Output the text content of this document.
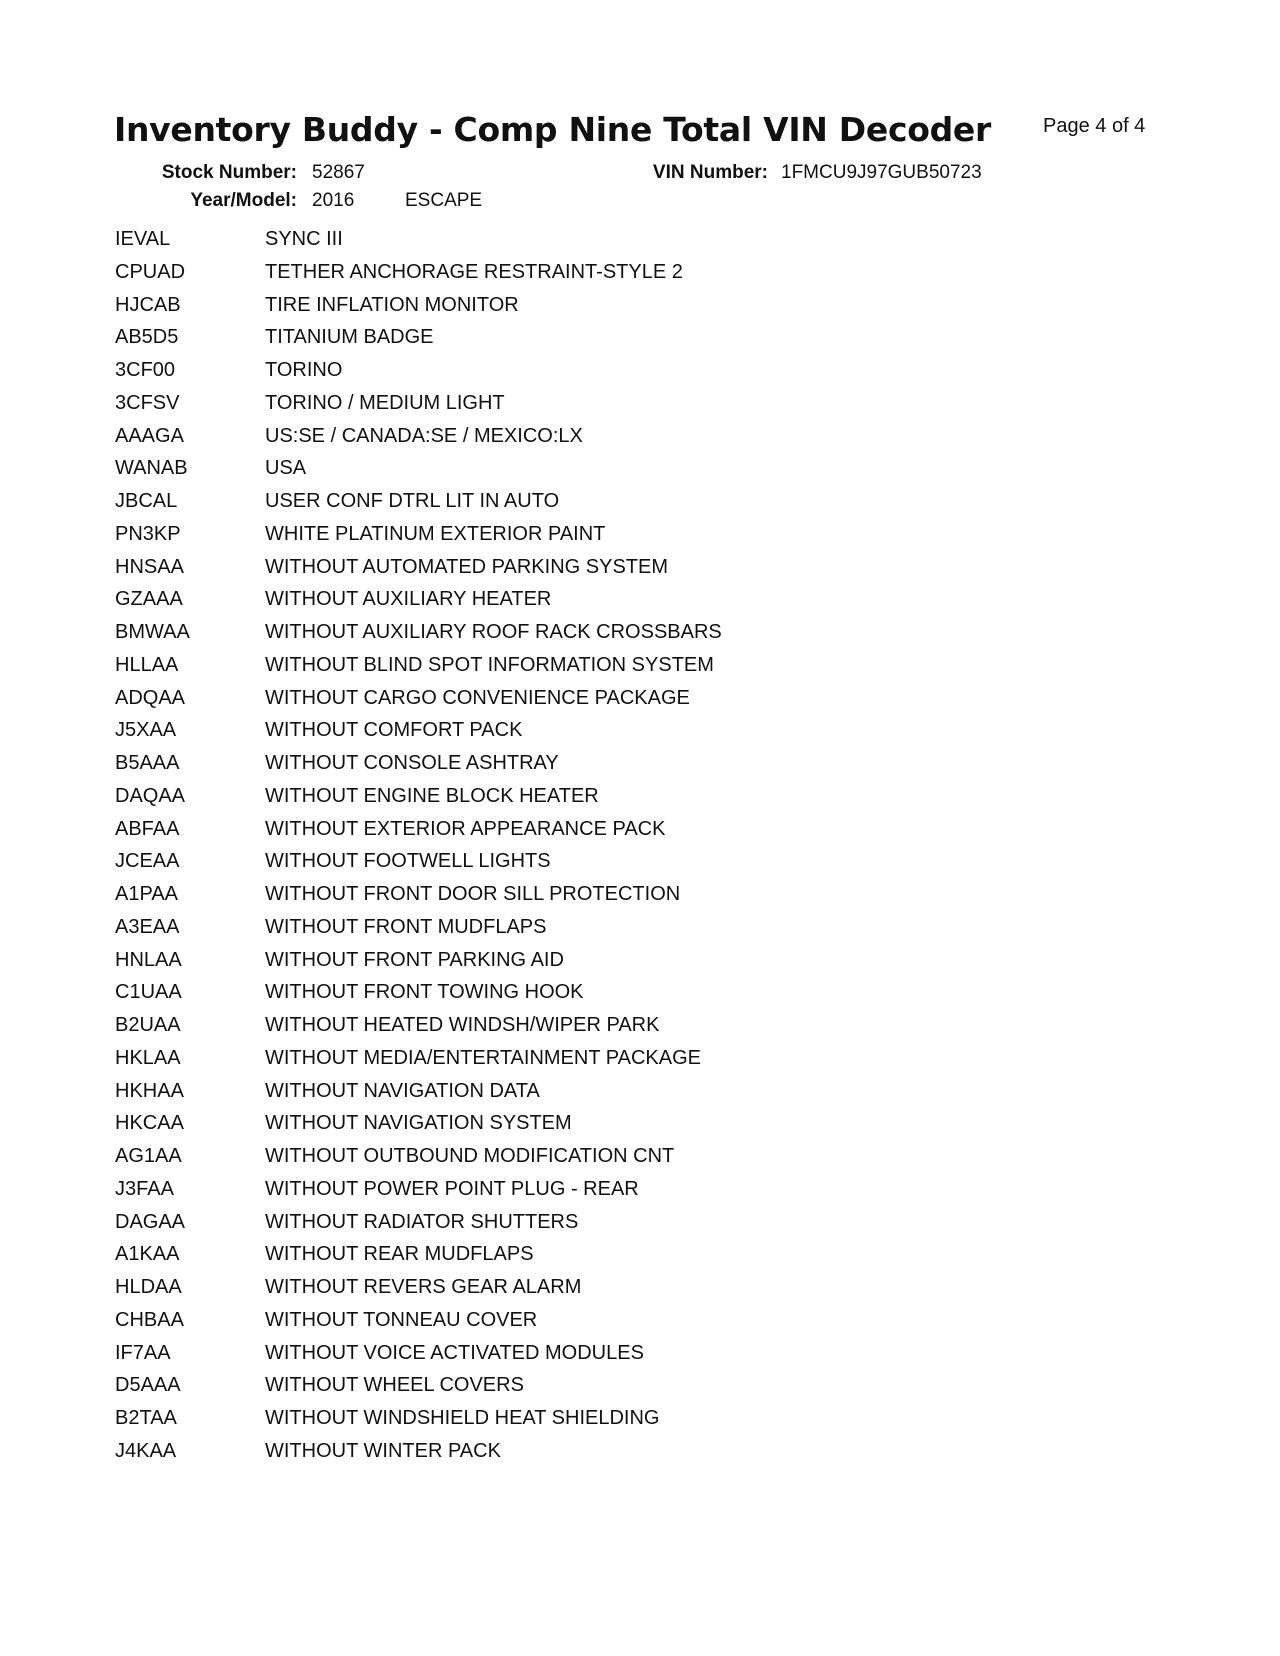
Inventory Buddy - Comp Nine Total VIN Decoder	Page 4 of 4
Stock Number: 52867	VIN Number: 1FMCU9J97GUB50723
Year/Model: 2016	ESCAPE
IEVAL	SYNC III
CPUAD	TETHER ANCHORAGE RESTRAINT-STYLE 2
HJCAB	TIRE INFLATION MONITOR
AB5D5	TITANIUM BADGE
3CF00	TORINO
3CFSV	TORINO / MEDIUM LIGHT
AAAGA	US:SE / CANADA:SE / MEXICO:LX
WANAB	USA
JBCAL	USER CONF DTRL LIT IN AUTO
PN3KP	WHITE PLATINUM EXTERIOR PAINT
HNSAA	WITHOUT AUTOMATED PARKING SYSTEM
GZAAA	WITHOUT AUXILIARY HEATER
BMWAA	WITHOUT AUXILIARY ROOF RACK CROSSBARS
HLLAA	WITHOUT BLIND SPOT INFORMATION SYSTEM
ADQAA	WITHOUT CARGO CONVENIENCE PACKAGE
J5XAA	WITHOUT COMFORT PACK
B5AAA	WITHOUT CONSOLE ASHTRAY
DAQAA	WITHOUT ENGINE BLOCK HEATER
ABFAA	WITHOUT EXTERIOR APPEARANCE PACK
JCEAA	WITHOUT FOOTWELL LIGHTS
A1PAA	WITHOUT FRONT DOOR SILL PROTECTION
A3EAA	WITHOUT FRONT MUDFLAPS
HNLAA	WITHOUT FRONT PARKING AID
C1UAA	WITHOUT FRONT TOWING HOOK
B2UAA	WITHOUT HEATED WINDSH/WIPER PARK
HKLAA	WITHOUT MEDIA/ENTERTAINMENT PACKAGE
HKHAA	WITHOUT NAVIGATION DATA
HKCAA	WITHOUT NAVIGATION SYSTEM
AG1AA	WITHOUT OUTBOUND MODIFICATION CNT
J3FAA	WITHOUT POWER POINT PLUG - REAR
DAGAA	WITHOUT RADIATOR SHUTTERS
A1KAA	WITHOUT REAR MUDFLAPS
HLDAA	WITHOUT REVERS GEAR ALARM
CHBAA	WITHOUT TONNEAU COVER
IF7AA	WITHOUT VOICE ACTIVATED MODULES
D5AAA	WITHOUT WHEEL COVERS
B2TAA	WITHOUT WINDSHIELD HEAT SHIELDING
J4KAA	WITHOUT WINTER PACK
